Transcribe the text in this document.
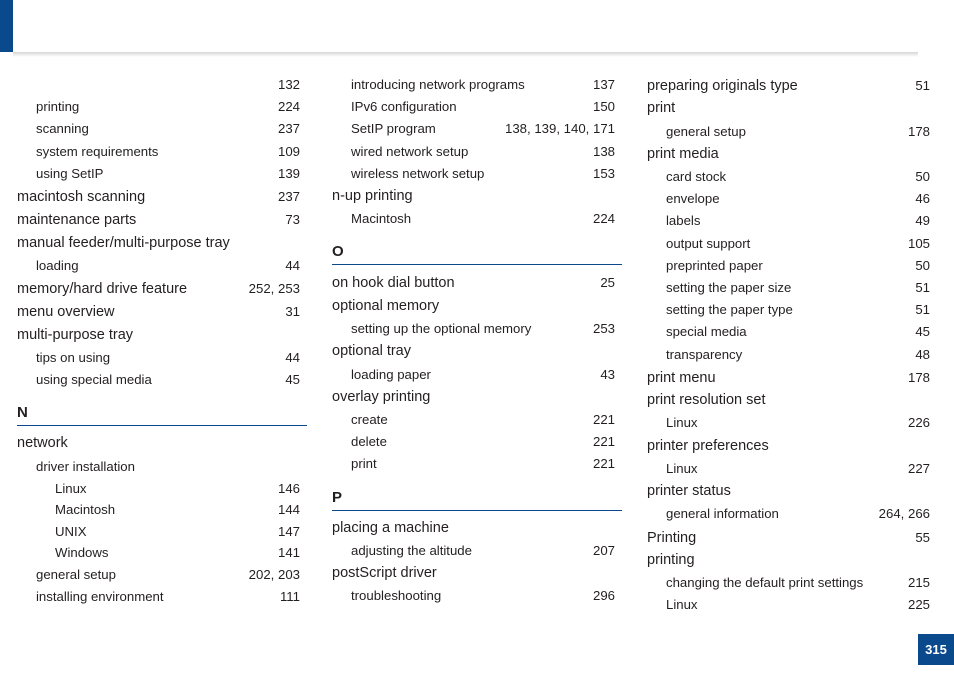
132
printing	224
scanning	237
system requirements	109
using SetIP	139
macintosh scanning	237
maintenance parts	73
manual feeder/multi-purpose tray
loading	44
memory/hard drive feature	252, 253
menu overview	31
multi-purpose tray
tips on using	44
using special media	45
N
network
driver installation
Linux	146
Macintosh	144
UNIX	147
Windows	141
general setup	202, 203
installing environment	111
introducing network programs	137
IPv6 configuration	150
SetIP program	138, 139, 140, 171
wired network setup	138
wireless network setup	153
n-up printing
Macintosh	224
O
on hook dial button	25
optional memory
setting up the optional memory	253
optional tray
loading paper	43
overlay printing
create	221
delete	221
print	221
P
placing a machine
adjusting the altitude	207
postScript driver
troubleshooting	296
preparing originals type	51
print
general setup	178
print media
card stock	50
envelope	46
labels	49
output support	105
preprinted paper	50
setting the paper size	51
setting the paper type	51
special media	45
transparency	48
print menu	178
print resolution set
Linux	226
printer preferences
Linux	227
printer status
general information	264, 266
Printing	55
printing
changing the default print settings	215
Linux	225
315
